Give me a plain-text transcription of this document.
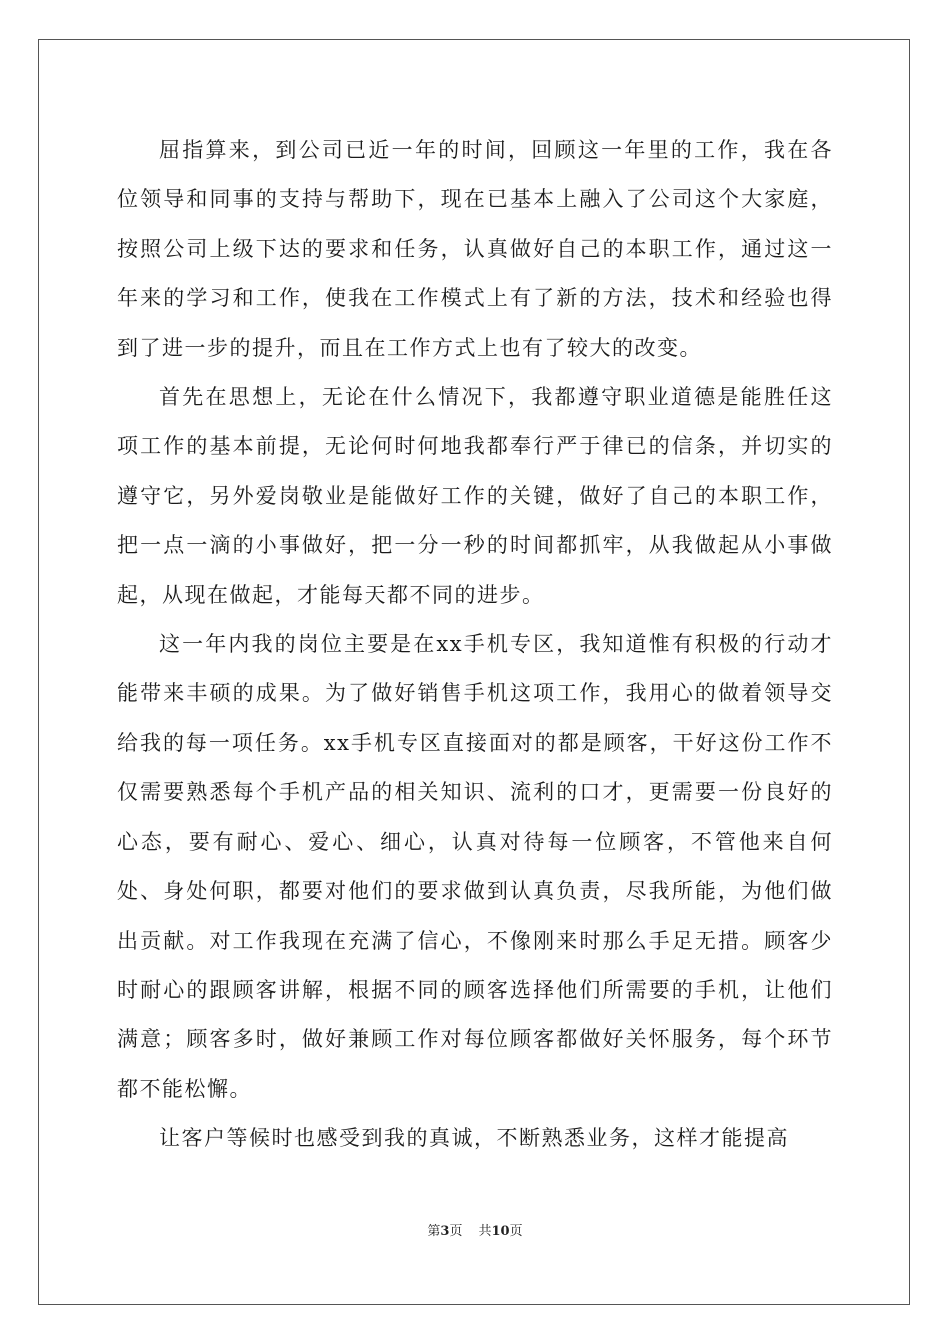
屈指算来，到公司已近一年的时间，回顾这一年里的工作，我在各位领导和同事的支持与帮助下，现在已基本上融入了公司这个大家庭，按照公司上级下达的要求和任务，认真做好自己的本职工作，通过这一年来的学习和工作，使我在工作模式上有了新的方法，技术和经验也得到了进一步的提升，而且在工作方式上也有了较大的改变。

首先在思想上，无论在什么情况下，我都遵守职业道德是能胜任这项工作的基本前提，无论何时何地我都奉行严于律已的信条，并切实的遵守它，另外爱岗敬业是能做好工作的关键，做好了自己的本职工作，把一点一滴的小事做好，把一分一秒的时间都抓牢，从我做起从小事做起，从现在做起，才能每天都不同的进步。

这一年内我的岗位主要是在xx手机专区，我知道惟有积极的行动才能带来丰硕的成果。为了做好销售手机这项工作，我用心的做着领导交给我的每一项任务。xx手机专区直接面对的都是顾客，干好这份工作不仅需要熟悉每个手机产品的相关知识、流利的口才，更需要一份良好的心态，要有耐心、爱心、细心，认真对待每一位顾客，不管他来自何处、身处何职，都要对他们的要求做到认真负责，尽我所能，为他们做出贡献。对工作我现在充满了信心，不像刚来时那么手足无措。顾客少时耐心的跟顾客讲解，根据不同的顾客选择他们所需要的手机，让他们满意；顾客多时，做好兼顾工作对每位顾客都做好关怀服务，每个环节都不能松懈。

让客户等候时也感受到我的真诚，不断熟悉业务，这样才能提高

第3页 共10页
